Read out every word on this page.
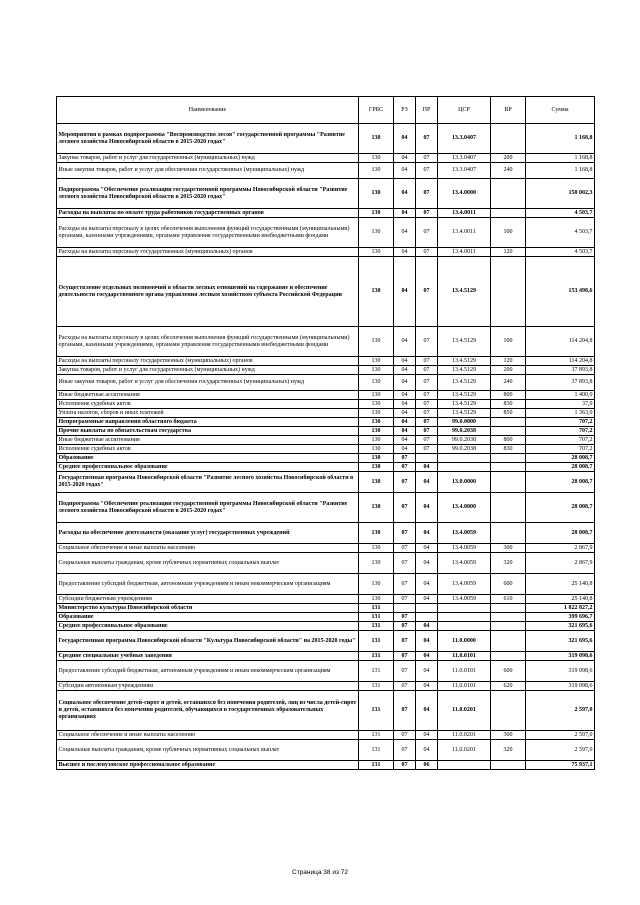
Наименование	ГРБС	РЗ	ПР	ЦСР	ВР	Сумма
Мероприятия в рамках подпрограммы "Воспроизводство лесов" государственной программы "Развитие лесного хозяйства Новосибирской области в 2015-2020 годах"	130	04	07	13.3.0407		1 168,8
Закупка товаров, работ и услуг для государственных (муниципальных) нужд	130	04	07	13.3.0407	200	1 168,8
Иные закупки товаров, работ и услуг для обеспечения государственных (муниципальных) нужд	130	04	07	13.3.0407	240	1 168,8
Подпрограмма "Обеспечение реализации государственной программы Новосибирской области "Развитие лесного хозяйства Новосибирской области в 2015-2020 годах"	130	04	07	13.4.0000		158 002,3
Расходы на выплаты по оплате труда работников государственных органов	130	04	07	13.4.0011		4 503,7
Расходы на выплаты персоналу в целях обеспечения выполнения функций государственными (муниципальными) органами, казенными учреждениями, органами управления государственными внебюджетными фондами	130	04	07	13.4.0011	100	4 503,7
Расходы на выплаты персоналу государственных (муниципальных) органов	130	04	07	13.4.0011	120	4 503,7
Осуществление отдельных полномочий в области лесных отношений на содержание и обеспечение деятельности государственного органа управления лесным хозяйством субъекта Российской Федерации	130	04	07	13.4.5129		153 498,6
Расходы на выплаты персоналу в целях обеспечения выполнения функций государственными (муниципальными) органами, казенными учреждениями, органами управления государственными внебюджетными фондами	130	04	07	13.4.5129	100	114 204,8
Расходы на выплаты персоналу государственных (муниципальных) органов	130	04	07	13.4.5129	120	114 204,8
Закупка товаров, работ и услуг для государственных (муниципальных) нужд	130	04	07	13.4.5129	200	37 893,8
Иные закупки товаров, работ и услуг для обеспечения государственных (муниципальных) нужд	130	04	07	13.4.5129	240	37 893,8
Иные бюджетные ассигнования	130	04	07	13.4.5129	800	1 400,0
Исполнение судебных актов	130	04	07	13.4.5129	830	37,0
Уплата налогов, сборов и иных платежей	130	04	07	13.4.5129	850	1 363,0
Непрограммные направления областного бюджета	130	04	07	99.0.0000		707,2
Прочие выплаты по обязательствам государства	130	04	07	99.0.2038		707,2
Иные бюджетные ассигнования	130	04	07	99.0.2038	800	707,2
Исполнение судебных актов	130	04	07	99.0.2038	830	707,2
Образование	130	07				28 008,7
Среднее профессиональное образование	130	07	04			28 008,7
Государственная программа Новосибирской области "Развитие лесного хозяйства Новосибирской области в 2015-2020 годах"	130	07	04	13.0.0000		28 008,7
Подпрограмма "Обеспечение реализации государственной программы Новосибирской области "Развитие лесного хозяйства Новосибирской области в 2015-2020 годах"	130	07	04	13.4.0000		28 008,7
Расходы на обеспечение деятельности (оказание услуг) государственных учреждений	130	07	04	13.4.0059		28 008,7
Социальное обеспечение и иные выплаты населению	130	07	04	13.4.0059	300	2 867,9
Социальные выплаты гражданам, кроме публичных нормативных социальных выплат	130	07	04	13.4.0059	320	2 867,9
Предоставление субсидий бюджетным, автономным учреждениям и иным некоммерческим организациям	130	07	04	13.4.0059	600	25 140,8
Субсидии бюджетным учреждениям	130	07	04	13.4.0059	610	25 140,8
Министерство культуры Новосибирской области	131					1 822 827,2
Образование	131	07				399 696,7
Среднее профессиональное образование	131	07	04			321 695,6
Государственная программа Новосибирской области "Культура Новосибирской области" на 2015-2020 годы"	131	07	04	11.0.0000		321 695,6
Средние специальные учебные заведения	131	07	04	11.0.0101		319 098,6
Предоставление субсидий бюджетным, автономным учреждениям и иным некоммерческим организациям	131	07	04	11.0.0101	600	319 098,6
Субсидии автономным учреждениям	131	07	04	11.0.0101	620	319 098,6
Социальное обеспечение детей-сирот и детей, оставшихся без попечения родителей, лиц из числа детей-сирот и детей, оставшихся без попечения родителей, обучающихся в государственных образовательных организациях	131	07	04	11.0.0201		2 597,0
Социальное обеспечение и иные выплаты населению	131	07	04	11.0.0201	300	2 597,0
Социальные выплаты гражданам, кроме публичных нормативных социальных выплат	131	07	04	11.0.0201	320	2 597,0
Высшее и послевузовское профессиональное образование	131	07	06			75 937,1
Страница 38 из 72
